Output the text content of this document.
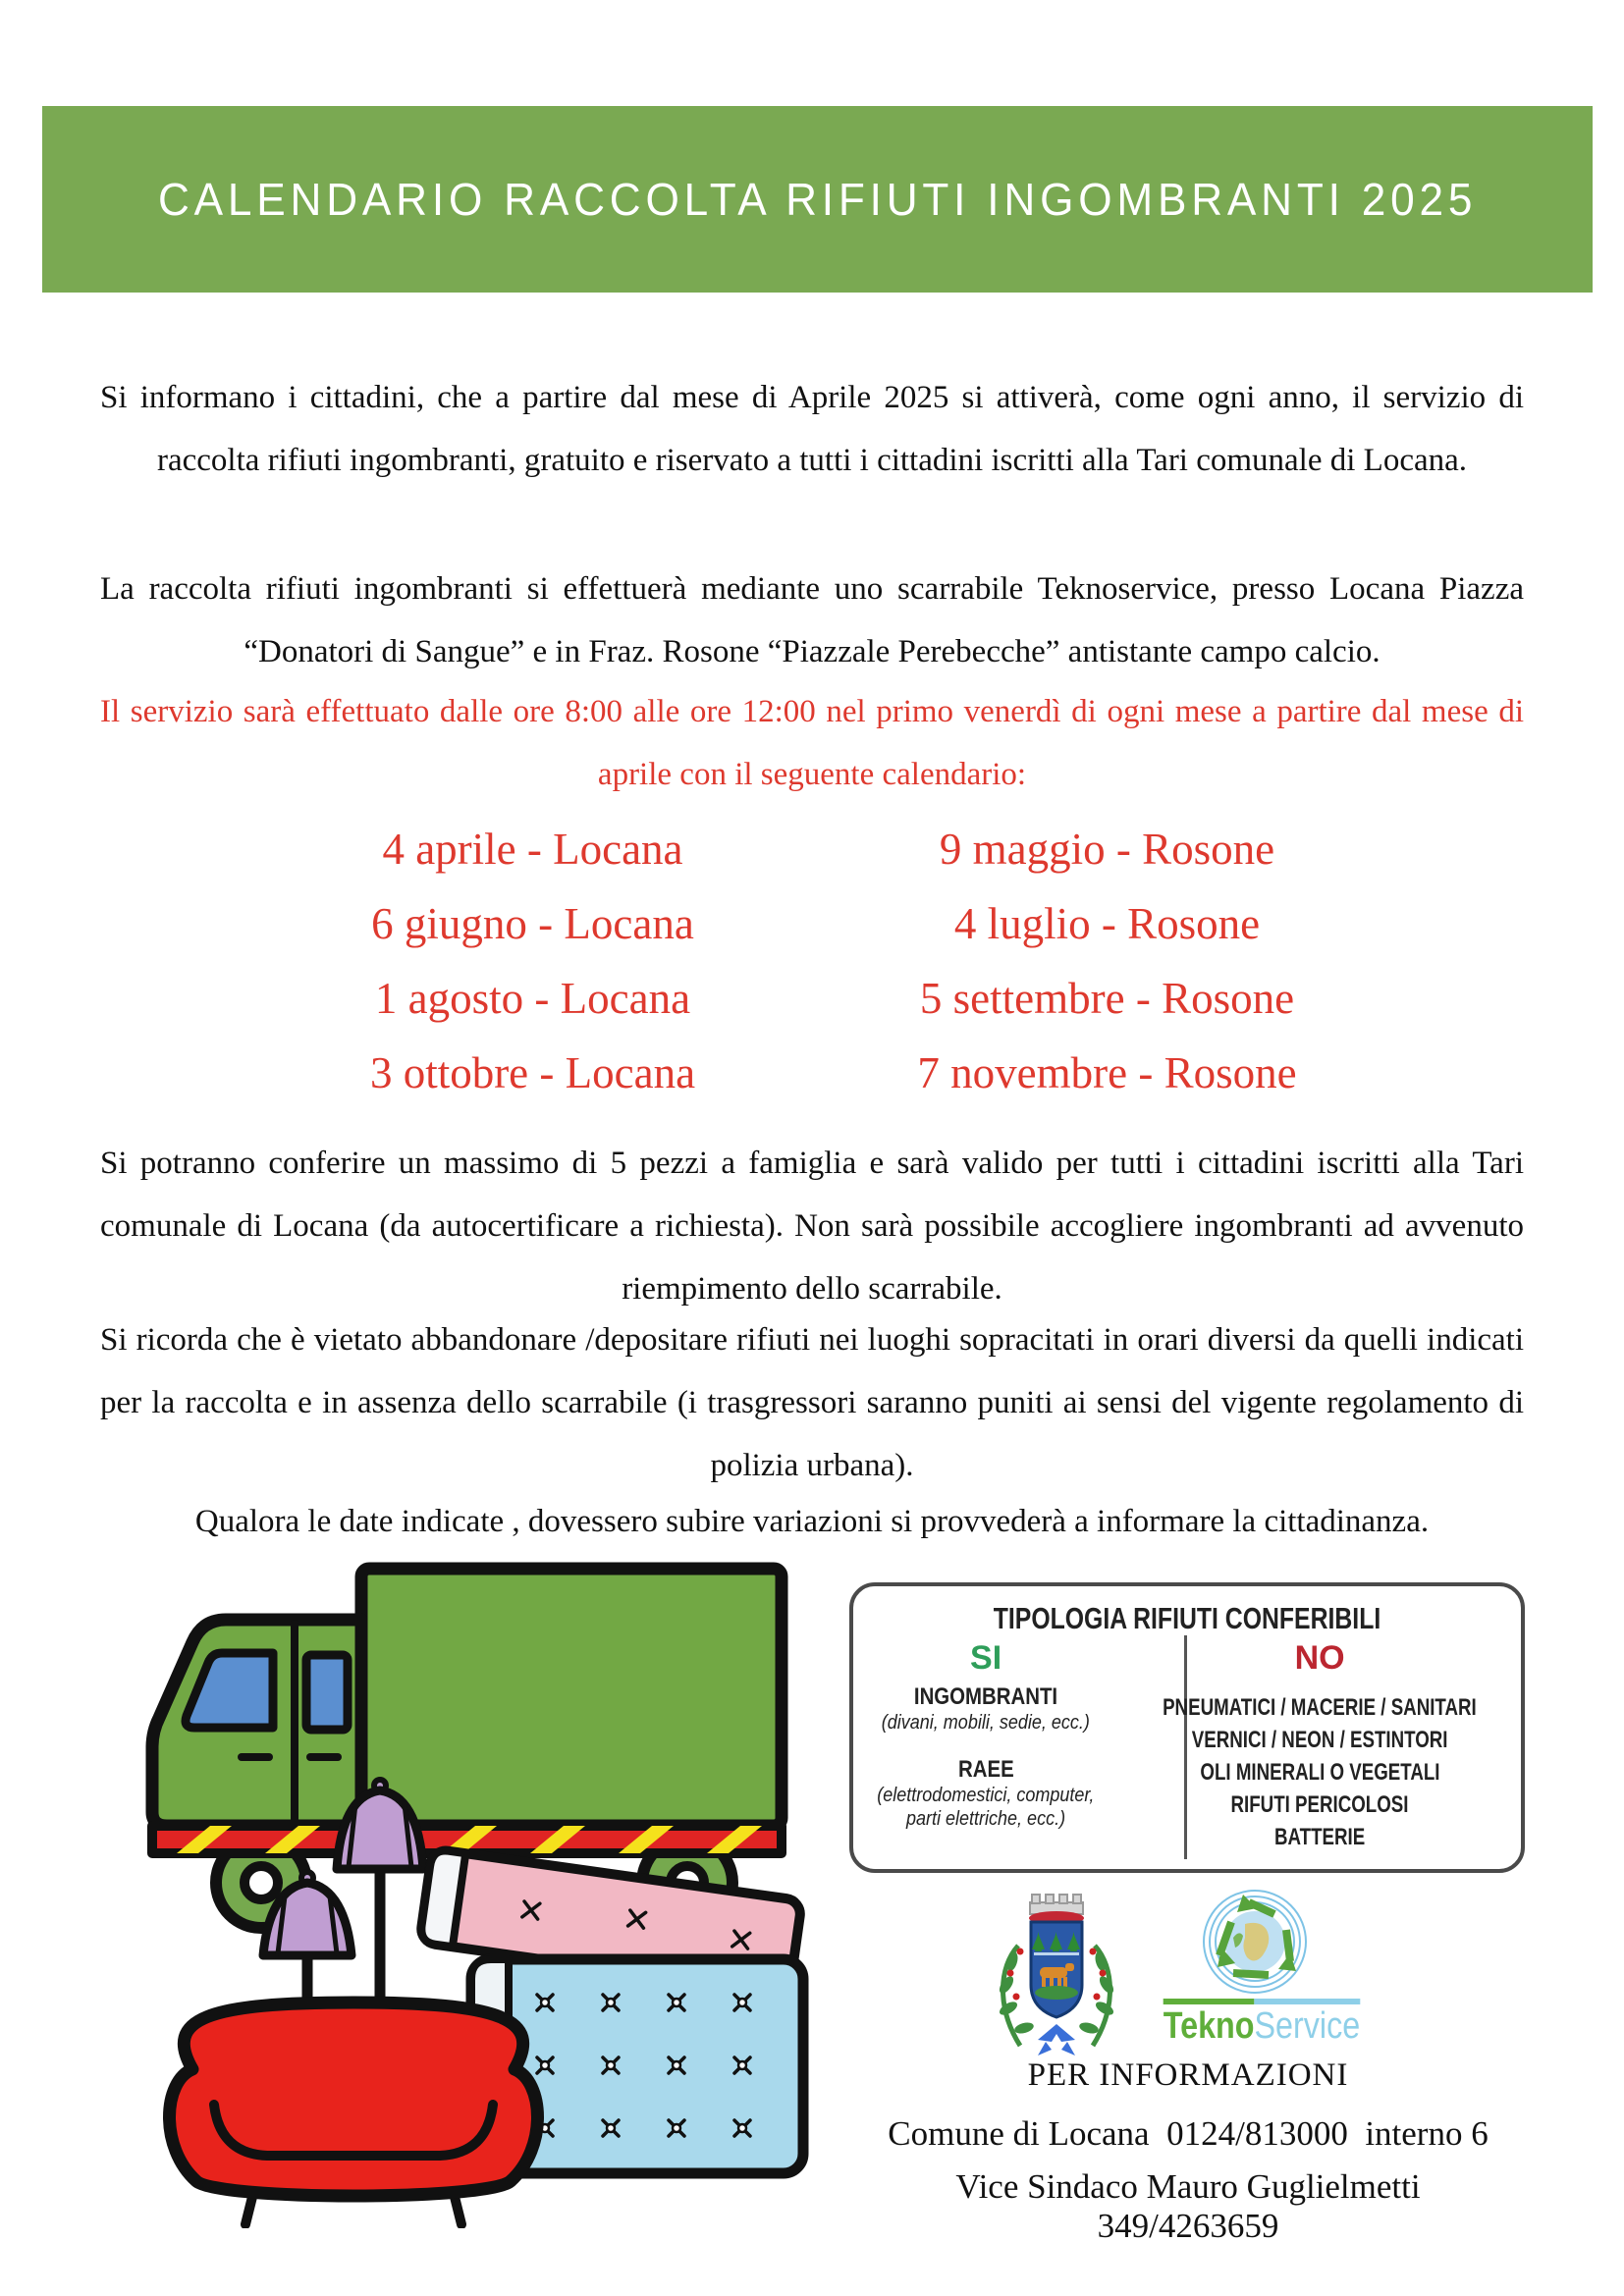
CALENDARIO RACCOLTA RIFIUTI INGOMBRANTI 2025

Si informano i cittadini, che a partire dal mese di Aprile 2025 si attiverà, come ogni anno, il servizio di raccolta rifiuti ingombranti, gratuito e riservato a tutti i cittadini iscritti alla Tari comunale di Locana.

La raccolta rifiuti ingombranti si effettuerà mediante uno scarrabile Teknoservice, presso Locana Piazza “Donatori di Sangue” e in Fraz. Rosone “Piazzale Perebecche” antistante campo calcio.

Il servizio sarà effettuato dalle ore 8:00 alle ore 12:00 nel primo venerdì di ogni mese a partire dal mese di aprile con il seguente calendario:

4 aprile - Locana	9 maggio - Rosone
6 giugno - Locana	4 luglio - Rosone
1 agosto - Locana	5 settembre - Rosone
3 ottobre - Locana	7 novembre - Rosone

Si potranno conferire un massimo di 5 pezzi a famiglia e sarà valido per tutti i cittadini iscritti alla Tari comunale di Locana (da autocertificare a richiesta). Non sarà possibile accogliere ingombranti ad avvenuto riempimento dello scarrabile.

Si ricorda che è vietato abbandonare /depositare rifiuti nei luoghi sopracitati in orari diversi da quelli indicati per la raccolta e in assenza dello scarrabile (i trasgressori saranno puniti ai sensi del vigente regolamento di polizia urbana).

Qualora le date indicate , dovessero subire variazioni si provvederà a informare la cittadinanza.

TIPOLOGIA RIFIUTI CONFERIBILI
SI
INGOMBRANTI
(divani, mobili, sedie, ecc.)
RAEE
(elettrodomestici, computer,
parti elettriche, ecc.)
NO
PNEUMATICI / MACERIE / SANITARI
VERNICI / NEON / ESTINTORI
OLI MINERALI O VEGETALI
RIFUTI PERICOLOSI
BATTERIE
TeknoService

PER INFORMAZIONI

Comune di Locana  0124/813000  interno 6

Vice Sindaco Mauro Guglielmetti 349/4263659
